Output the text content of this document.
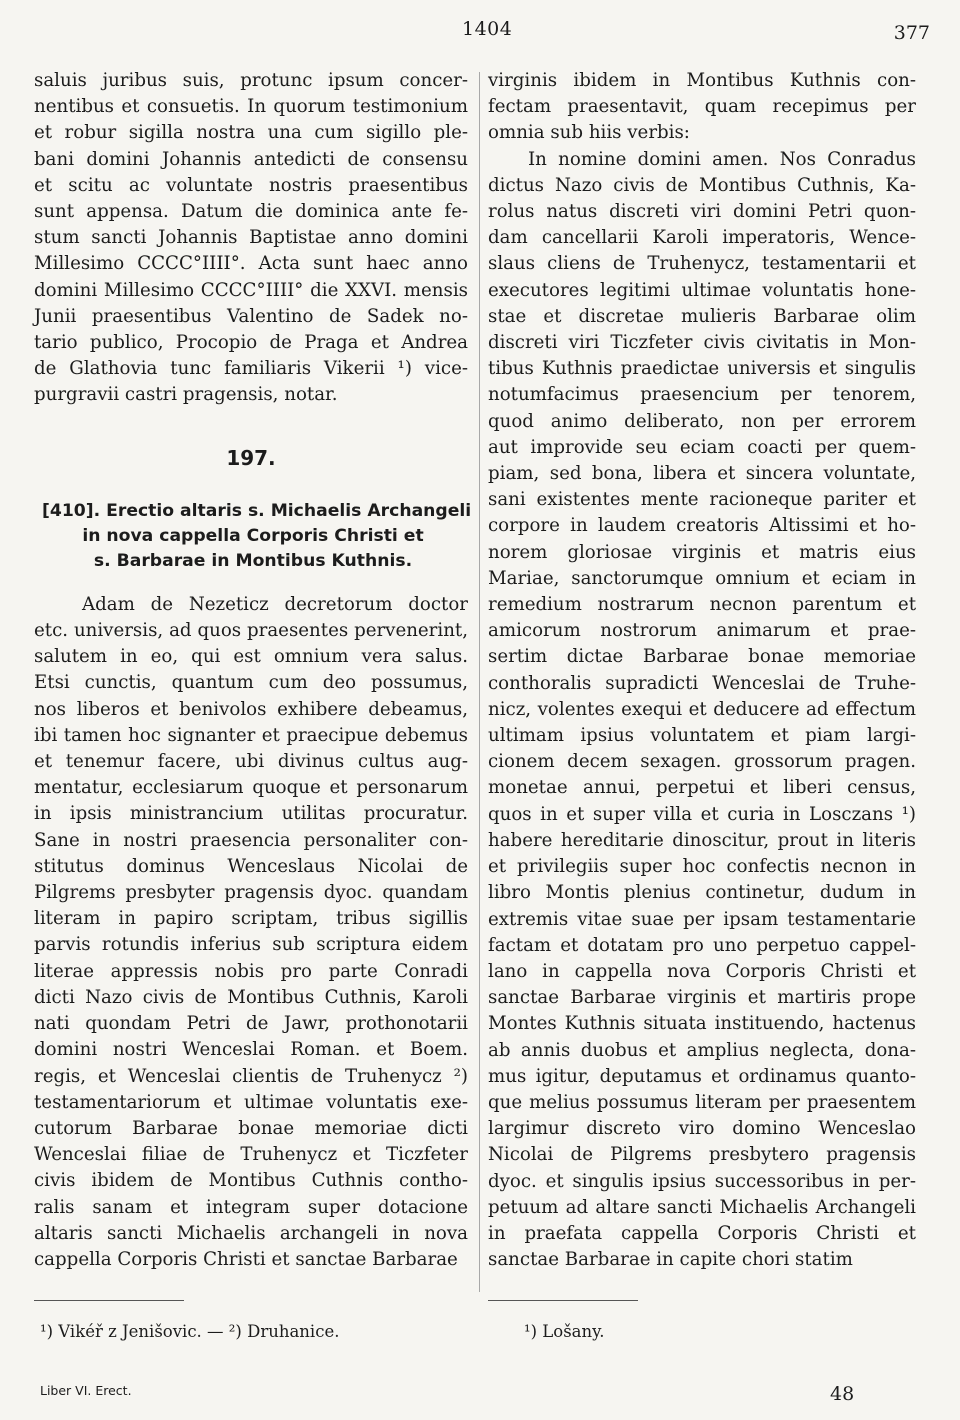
1404	377
saluis juribus suis, protunc ipsum concer-
nentibus et consuetis. In quorum testimonium
et robur sigilla nostra una cum sigillo ple-
bani domini Johannis antedicti de consensu
et scitu ac voluntate nostris praesentibus
sunt appensa. Datum die dominica ante fe-
stum sancti Johannis Baptistae anno domini
Millesimo CCCC°IIII°. Acta sunt haec anno
domini Millesimo CCCC°IIII° die XXVI. mensis
Junii praesentibus Valentino de Sadek no-
tario publico, Procopio de Praga et Andrea
de Glathovia tunc familiaris Vikerii ¹) vice-
purgravii castri pragensis, notar.
197.
[410]. Erectio altaris s. Michaelis Archangeli
in nova cappella Corporis Christi et
s. Barbarae in Montibus Kuthnis.
Adam de Nezeticz decretorum doctor
etc. universis, ad quos praesentes pervenerint,
salutem in eo, qui est omnium vera salus.
Etsi cunctis, quantum cum deo possumus,
nos liberos et benivolos exhibere debeamus,
ibi tamen hoc signanter et praecipue debemus
et tenemur facere, ubi divinus cultus aug-
mentatur, ecclesiarum quoque et personarum
in ipsis ministrancium utilitas procuratur.
Sane in nostri praesencia personaliter con-
stitutus dominus Wenceslaus Nicolai de
Pilgrems presbyter pragensis dyoc. quandam
literam in papiro scriptam, tribus sigillis
parvis rotundis inferius sub scriptura eidem
literae appressis nobis pro parte Conradi
dicti Nazo civis de Montibus Cuthnis, Karoli
nati quondam Petri de Jawr, prothonotarii
domini nostri Wenceslai Roman. et Boem.
regis, et Wenceslai clientis de Truhenycz ²)
testamentariorum et ultimae voluntatis exe-
cutorum Barbarae bonae memoriae dicti
Wenceslai filiae de Truhenycz et Ticzfeter
civis ibidem de Montibus Cuthnis contho-
ralis sanam et integram super dotacione
altaris sancti Michaelis archangeli in nova
cappella Corporis Christi et sanctae Barbarae
virginis ibidem in Montibus Kuthnis con-
fectam praesentavit, quam recepimus per
omnia sub hiis verbis:
In nomine domini amen. Nos Conradus
dictus Nazo civis de Montibus Cuthnis, Ka-
rolus natus discreti viri domini Petri quon-
dam cancellarii Karoli imperatoris, Wence-
slaus cliens de Truhenycz, testamentarii et
executores legitimi ultimae voluntatis hone-
stae et discretae mulieris Barbarae olim
discreti viri Ticzfeter civis civitatis in Mon-
tibus Kuthnis praedictae universis et singulis
notumfacimus praesencium per tenorem,
quod animo deliberato, non per errorem
aut improvide seu eciam coacti per quem-
piam, sed bona, libera et sincera voluntate,
sani existentes mente racioneque pariter et
corpore in laudem creatoris Altissimi et ho-
norem gloriosae virginis et matris eius
Mariae, sanctorumque omnium et eciam in
remedium nostrarum necnon parentum et
amicorum nostrorum animarum et prae-
sertim dictae Barbarae bonae memoriae
conthoralis supradicti Wenceslai de Truhe-
nicz, volentes exequi et deducere ad effectum
ultimam ipsius voluntatem et piam largi-
cionem decem sexagen. grossorum pragen.
monetae annui, perpetui et liberi census,
quos in et super villa et curia in Losczans ¹)
habere hereditarie dinoscitur, prout in literis
et privilegiis super hoc confectis necnon in
libro Montis plenius continetur, dudum in
extremis vitae suae per ipsam testamentarie
factam et dotatam pro uno perpetuo cappel-
lano in cappella nova Corporis Christi et
sanctae Barbarae virginis et martiris prope
Montes Kuthnis situata instituendo, hactenus
ab annis duobus et amplius neglecta, dona-
mus igitur, deputamus et ordinamus quanto-
que melius possumus literam per praesentem
largimur discreto viro domino Wenceslao
Nicolai de Pilgrems presbytero pragensis
dyoc. et singulis ipsius successoribus in per-
petuum ad altare sancti Michaelis Archangeli
in praefata cappella Corporis Christi et
sanctae Barbarae in capite chori statim
¹) Vikéř z Jenišovic. — ²) Druhanice.	¹) Lošany.
Liber VI. Erect.	48
